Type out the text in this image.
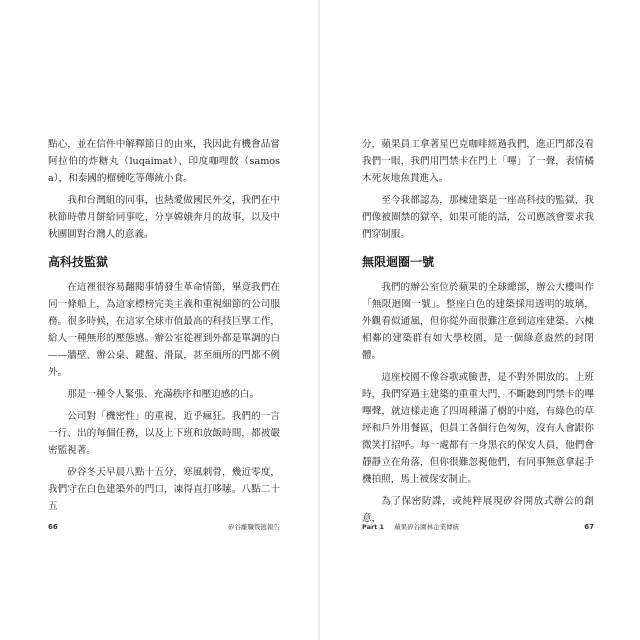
點心，並在信件中解釋節日的由來，我因此有機會品嘗阿拉伯的炸糖丸（luqaimat）、印度咖哩餃（samosa），和泰國的榴槤吃等傳統小食。

我和台灣組的同事，也熱愛做國民外交，我們在中秋節時帶月餅給同事吃，分享嫦娥奔月的故事，以及中秋團圓對台灣人的意義。

高科技監獄

在這裡很容易翻閱事情發生革命情節，畢竟我們在同一條船上，為這家標榜完美主義和重視細節的公司服務。很多時候，在這家全球市值最高的科技巨擘工作，給人一種無形的壓態感。辦公室從裡到外都是單調的白——牆壁、辦公桌、鍵盤、滑鼠，甚至廁所的門都不例外。

那是一種令人緊張、充滿秩序和壓迫感的白。

公司對「機密性」的重視，近乎瘋狂。我們的一言一行、出的每個任務，以及上下班和放飯時間，都被嚴密監視著。

矽谷冬天早晨八點十五分，寒風刺骨，幾近零度，我們守在白色建築外的門口，凍得直打哆嗦。八點二十五

66	矽谷離職叛逃報告

分，蘋果員工拿著星巴克咖啡經過我們，進正門都沒看我們一眼，我們用門禁卡在門上「嗶」了一聲，表情橘木死灰地魚貫進入。

至今我都認為，那棟建築是一座高科技的監獄，我們像被圈禁的獄卒，如果可能的話，公司應該會要求我們穿制服。

無限迴圈一號

我們的辦公室位於蘋果的全球總部，辦公大樓叫作「無限迴圈一號」。整座白色的建築採用透明的玻璃，外觀看似通風，但你從外面很難注意到這座建築。六棟相鄰的建築群有如大學校園，是一個綠意盎然的封閉體。

這座校園不像谷歌或臉書，是不對外開放的。上班時，我們穿過主建築的重重大門，不斷聽到門禁卡的嗶嗶聲，就這樣走進了四周種滿了樹的中庭，有綠色的草坪和戶外用餐區，但員工各個行色匆匆，沒有人會跟你微笑打招呼。每一處都有一身黑衣的保安人員，他們會靜靜立在角落，但你很難忽視他們，有同事無意拿起手機拍照，馬上被保安制止。

為了保密防諜，或純粹展現矽谷開放式辦公的創意，

Part 1 蘋果矽谷園林企業傳統	67
